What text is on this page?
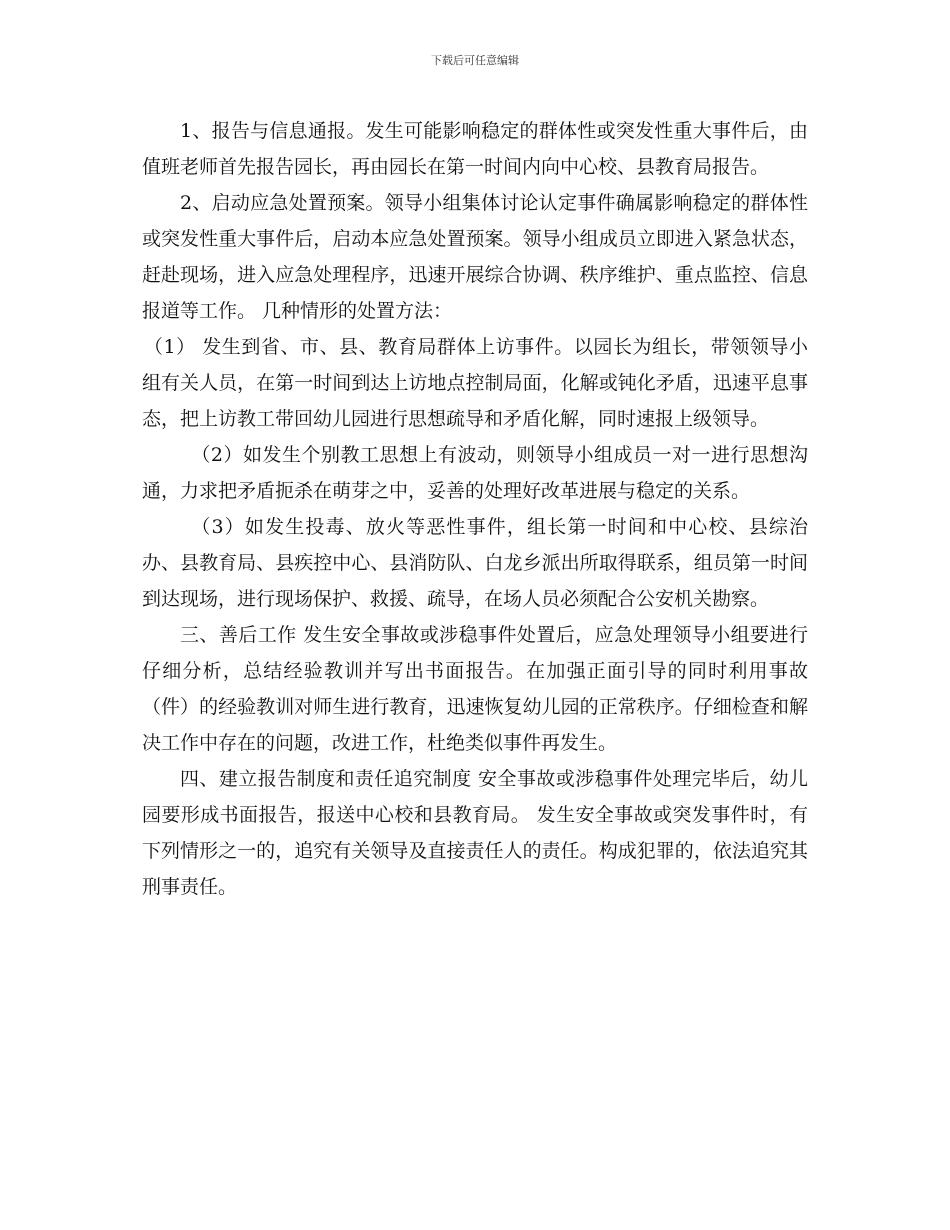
下载后可任意编辑

1、报告与信息通报。发生可能影响稳定的群体性或突发性重大事件后，由值班老师首先报告园长，再由园长在第一时间内向中心校、县教育局报告。

2、启动应急处置预案。领导小组集体讨论认定事件确属影响稳定的群体性或突发性重大事件后，启动本应急处置预案。领导小组成员立即进入紧急状态，赶赴现场，进入应急处理程序，迅速开展综合协调、秩序维护、重点监控、信息报道等工作。 几种情形的处置方法：

（1） 发生到省、市、县、教育局群体上访事件。以园长为组长，带领领导小组有关人员，在第一时间到达上访地点控制局面，化解或钝化矛盾，迅速平息事态，把上访教工带回幼儿园进行思想疏导和矛盾化解，同时速报上级领导。

（2）如发生个别教工思想上有波动，则领导小组成员一对一进行思想沟通，力求把矛盾扼杀在萌芽之中，妥善的处理好改革进展与稳定的关系。

（3）如发生投毒、放火等恶性事件，组长第一时间和中心校、县综治办、县教育局、县疾控中心、县消防队、白龙乡派出所取得联系，组员第一时间到达现场，进行现场保护、救援、疏导，在场人员必须配合公安机关勘察。

三、善后工作 发生安全事故或涉稳事件处置后，应急处理领导小组要进行仔细分析，总结经验教训并写出书面报告。在加强正面引导的同时利用事故（件）的经验教训对师生进行教育，迅速恢复幼儿园的正常秩序。仔细检查和解决工作中存在的问题，改进工作，杜绝类似事件再发生。

四、建立报告制度和责任追究制度 安全事故或涉稳事件处理完毕后，幼儿园要形成书面报告，报送中心校和县教育局。 发生安全事故或突发事件时，有下列情形之一的，追究有关领导及直接责任人的责任。构成犯罪的，依法追究其刑事责任。
